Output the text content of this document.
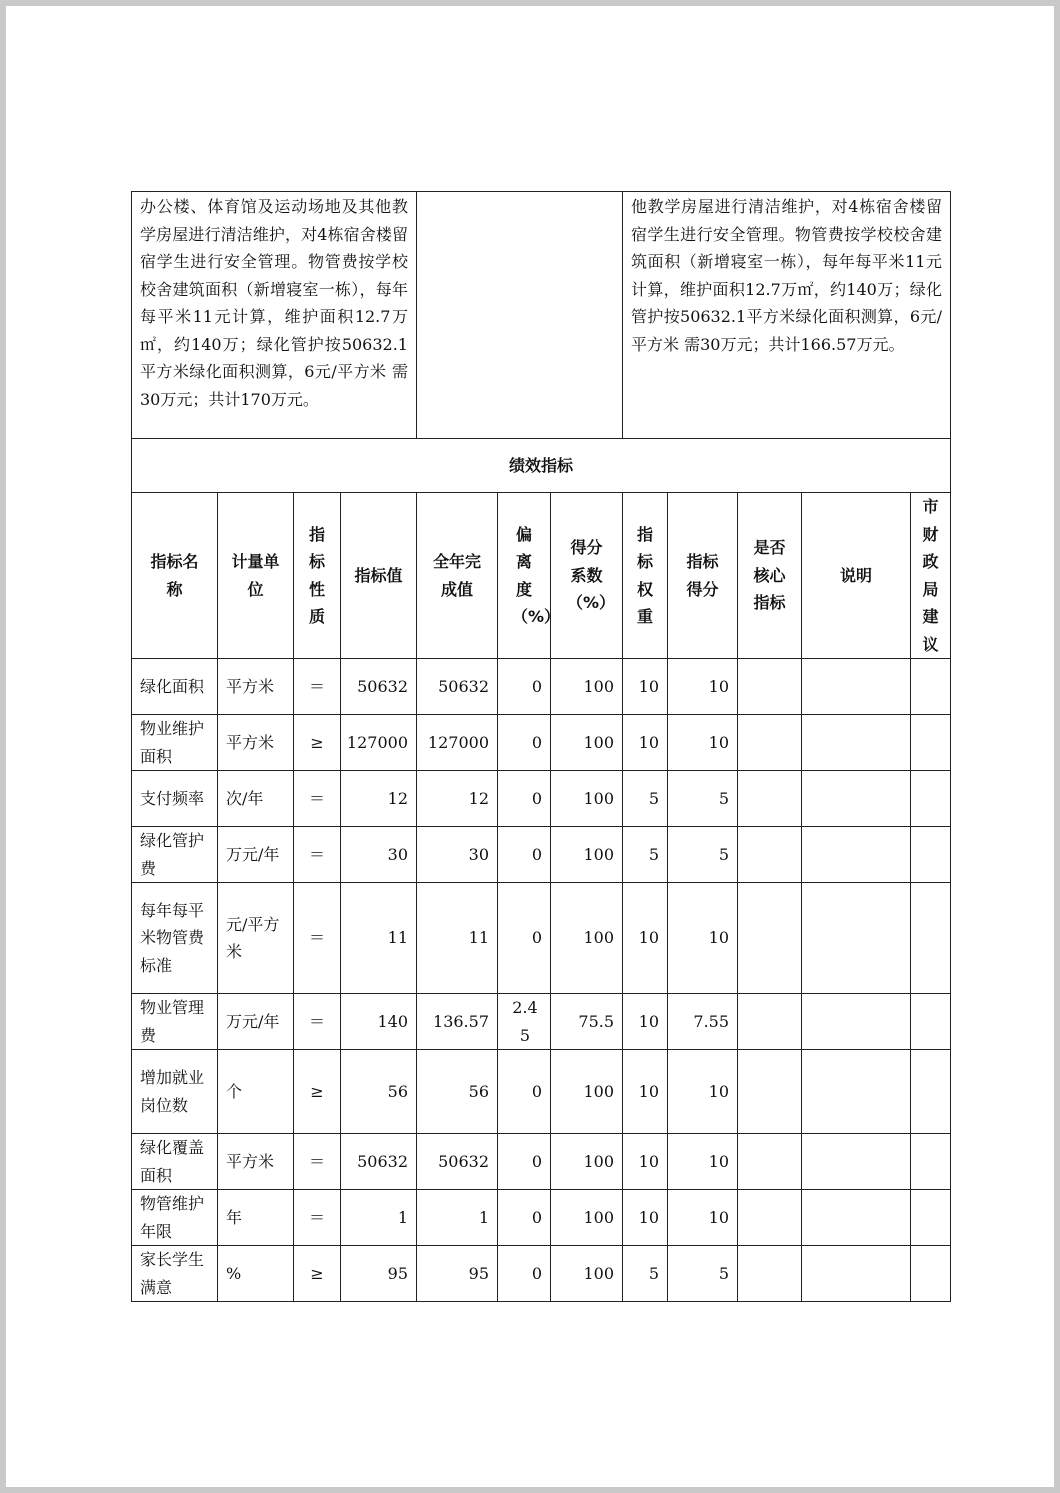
办公楼、体育馆及运动场地及其他教学房屋进行清洁维护，对4栋宿舍楼留宿学生进行安全管理。物管费按学校校舍建筑面积（新增寝室一栋），每年每平米11元计算，维护面积12.7万㎡，约140万；绿化管护按50632.1平方米绿化面积测算，6元/平方米 需30万元；共计170万元。							他教学房屋进行清洁维护，对4栋宿舍楼留宿学生进行安全管理。物管费按学校校舍建筑面积（新增寝室一栋），每年每平米11元计算，维护面积12.7万㎡，约140万；绿化管护按50632.1平方米绿化面积测算，6元/平方米 需30万元；共计166.57万元。				
绩效指标											
指标名称	计量单位	指标性质	指标值	全年完成值	偏离度（%）	得分系数（%）	指标权重	指标得分	是否核心指标	说明	市财政局建议
绿化面积	平方米	＝	50632	50632	0	100	10	10			
物业维护面积	平方米	≥	127000	127000	0	100	10	10			
支付频率	次/年	＝	12	12	0	100	5	5			
绿化管护费	万元/年	＝	30	30	0	100	5	5			
每年每平米物管费标准	元/平方米	＝	11	11	0	100	10	10			
物业管理费	万元/年	＝	140	136.57	2.45	75.5	10	7.55			
增加就业岗位数	个	≥	56	56	0	100	10	10			
绿化覆盖面积	平方米	＝	50632	50632	0	100	10	10			
物管维护年限	年	＝	1	1	0	100	10	10			
家长学生满意	%	≥	95	95	0	100	5	5			
